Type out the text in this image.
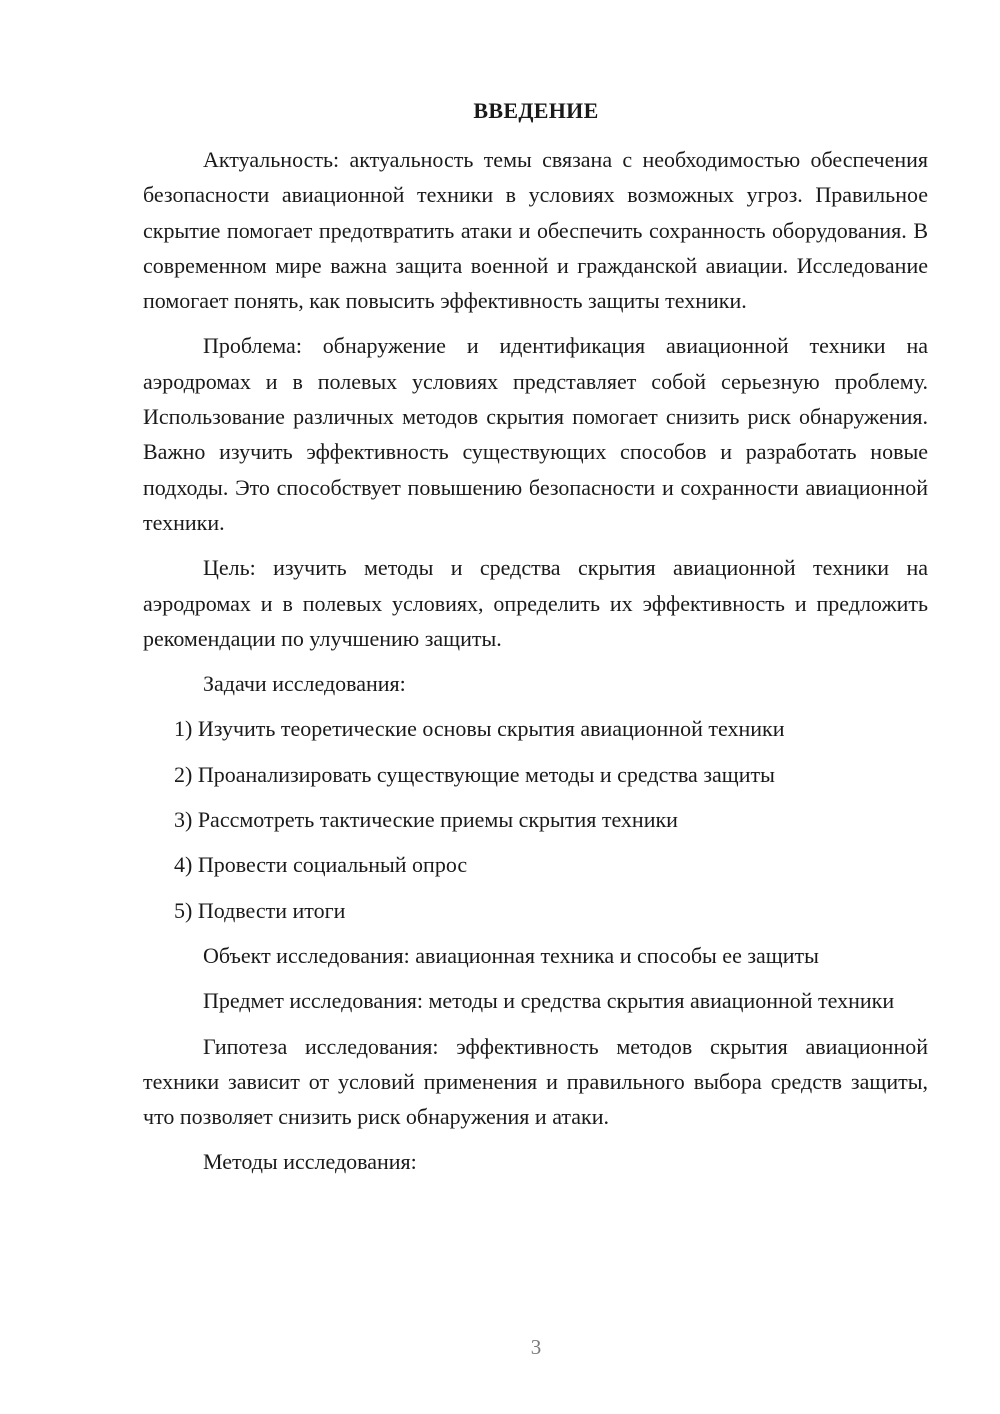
ВВЕДЕНИЕ

Актуальность: актуальность темы связана с необходимостью обеспечения безопасности авиационной техники в условиях возможных угроз. Правильное скрытие помогает предотвратить атаки и обеспечить сохранность оборудования. В современном мире важна защита военной и гражданской авиации. Исследование помогает понять, как повысить эффективность защиты техники.

Проблема: обнаружение и идентификация авиационной техники на аэродромах и в полевых условиях представляет собой серьезную проблему. Использование различных методов скрытия помогает снизить риск обнаружения. Важно изучить эффективность существующих способов и разработать новые подходы. Это способствует повышению безопасности и сохранности авиационной техники.

Цель: изучить методы и средства скрытия авиационной техники на аэродромах и в полевых условиях, определить их эффективность и предложить рекомендации по улучшению защиты.

Задачи исследования:

1) Изучить теоретические основы скрытия авиационной техники
2) Проанализировать существующие методы и средства защиты
3) Рассмотреть тактические приемы скрытия техники
4) Провести социальный опрос
5) Подвести итоги

Объект исследования: авиационная техника и способы ее защиты

Предмет исследования: методы и средства скрытия авиационной техники

Гипотеза исследования: эффективность методов скрытия авиационной техники зависит от условий применения и правильного выбора средств защиты, что позволяет снизить риск обнаружения и атаки.

Методы исследования:

3
